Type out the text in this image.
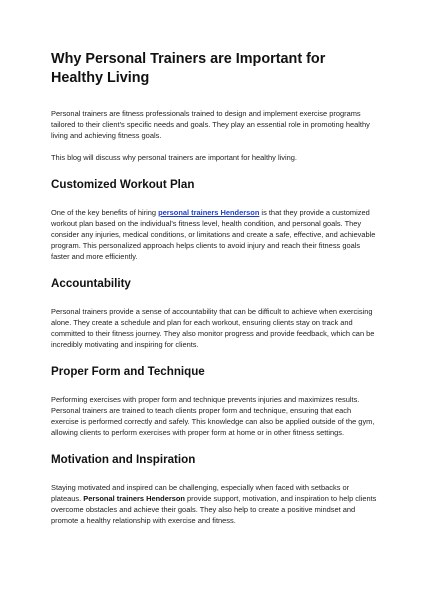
Why Personal Trainers are Important for Healthy Living

Personal trainers are fitness professionals trained to design and implement exercise programs tailored to their client's specific needs and goals. They play an essential role in promoting healthy living and achieving fitness goals.

This blog will discuss why personal trainers are important for healthy living.

Customized Workout Plan

One of the key benefits of hiring personal trainers Henderson is that they provide a customized workout plan based on the individual's fitness level, health condition, and personal goals. They consider any injuries, medical conditions, or limitations and create a safe, effective, and achievable program. This personalized approach helps clients to avoid injury and reach their fitness goals faster and more efficiently.

Accountability

Personal trainers provide a sense of accountability that can be difficult to achieve when exercising alone. They create a schedule and plan for each workout, ensuring clients stay on track and committed to their fitness journey. They also monitor progress and provide feedback, which can be incredibly motivating and inspiring for clients.

Proper Form and Technique

Performing exercises with proper form and technique prevents injuries and maximizes results. Personal trainers are trained to teach clients proper form and technique, ensuring that each exercise is performed correctly and safely. This knowledge can also be applied outside of the gym, allowing clients to perform exercises with proper form at home or in other fitness settings.

Motivation and Inspiration

Staying motivated and inspired can be challenging, especially when faced with setbacks or plateaus. Personal trainers Henderson provide support, motivation, and inspiration to help clients overcome obstacles and achieve their goals. They also help to create a positive mindset and promote a healthy relationship with exercise and fitness.
